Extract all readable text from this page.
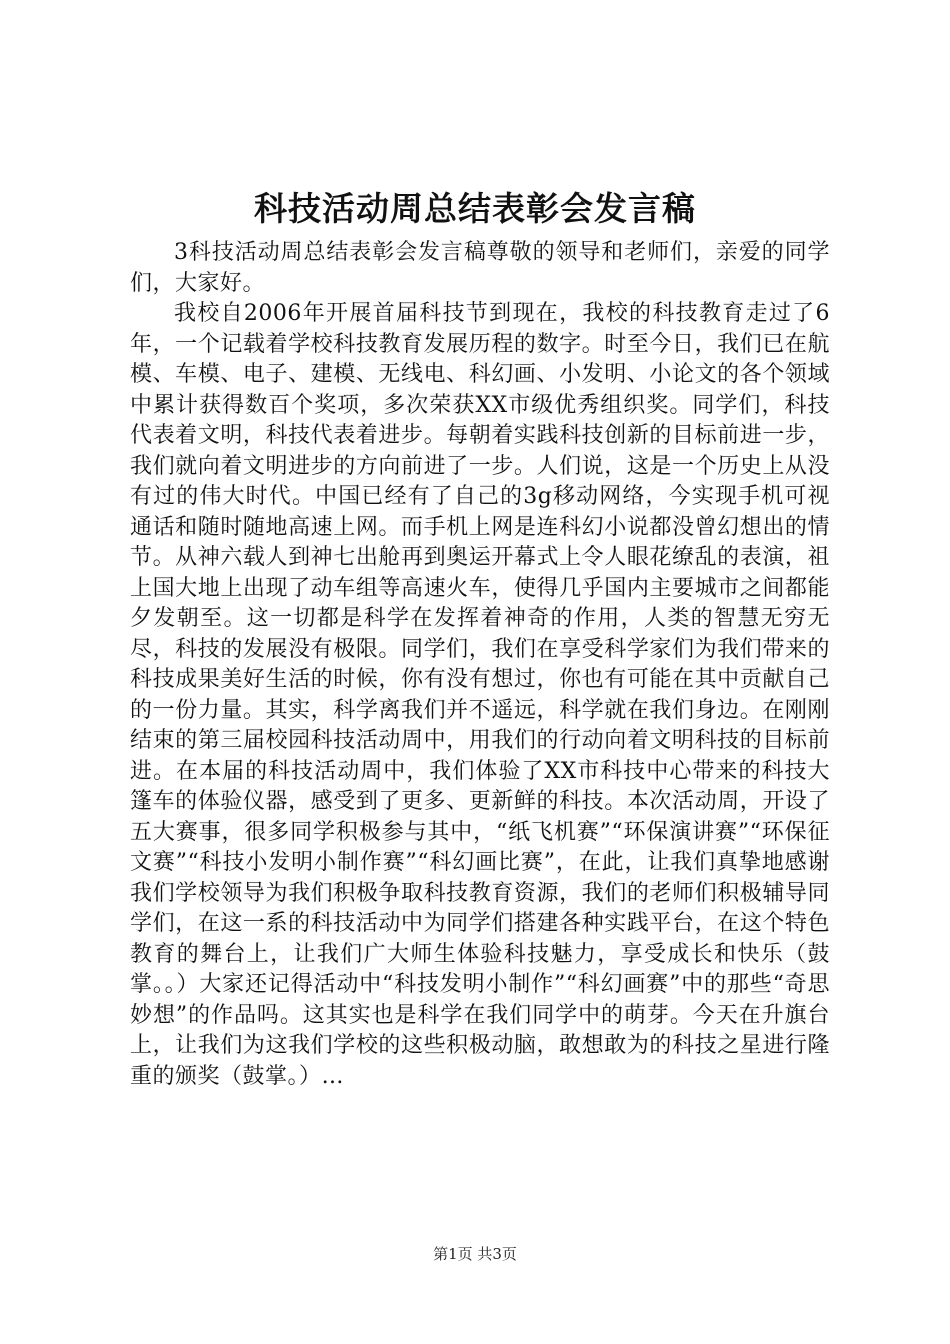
科技活动周总结表彰会发言稿

3科技活动周总结表彰会发言稿尊敬的领导和老师们，亲爱的同学们，大家好。

我校自2006年开展首届科技节到现在，我校的科技教育走过了6年，一个记载着学校科技教育发展历程的数字。时至今日，我们已在航模、车模、电子、建模、无线电、科幻画、小发明、小论文的各个领域中累计获得数百个奖项，多次荣获XX市级优秀组织奖。同学们，科技代表着文明，科技代表着进步。每朝着实践科技创新的目标前进一步，我们就向着文明进步的方向前进了一步。人们说，这是一个历史上从没有过的伟大时代。中国已经有了自己的3g移动网络，今实现手机可视通话和随时随地高速上网。而手机上网是连科幻小说都没曾幻想出的情节。从神六载人到神七出舱再到奥运开幕式上令人眼花缭乱的表演，祖上国大地上出现了动车组等高速火车，使得几乎国内主要城市之间都能夕发朝至。这一切都是科学在发挥着神奇的作用，人类的智慧无穷无尽，科技的发展没有极限。同学们，我们在享受科学家们为我们带来的科技成果美好生活的时候，你有没有想过，你也有可能在其中贡献自己的一份力量。其实，科学离我们并不遥远，科学就在我们身边。在刚刚结束的第三届校园科技活动周中，用我们的行动向着文明科技的目标前进。在本届的科技活动周中，我们体验了XX市科技中心带来的科技大篷车的体验仪器，感受到了更多、更新鲜的科技。本次活动周，开设了五大赛事，很多同学积极参与其中，“纸飞机赛”“环保演讲赛”“环保征文赛”“科技小发明小制作赛”“科幻画比赛”，在此，让我们真挚地感谢我们学校领导为我们积极争取科技教育资源，我们的老师们积极辅导同学们，在这一系的科技活动中为同学们搭建各种实践平台，在这个特色教育的舞台上，让我们广大师生体验科技魅力，享受成长和快乐（鼓掌。。）大家还记得活动中“科技发明小制作”“科幻画赛”中的那些“奇思妙想”的作品吗。这其实也是科学在我们同学中的萌芽。今天在升旗台上，让我们为这我们学校的这些积极动脑，敢想敢为的科技之星进行隆重的颁奖（鼓掌。）…

第1页 共3页
